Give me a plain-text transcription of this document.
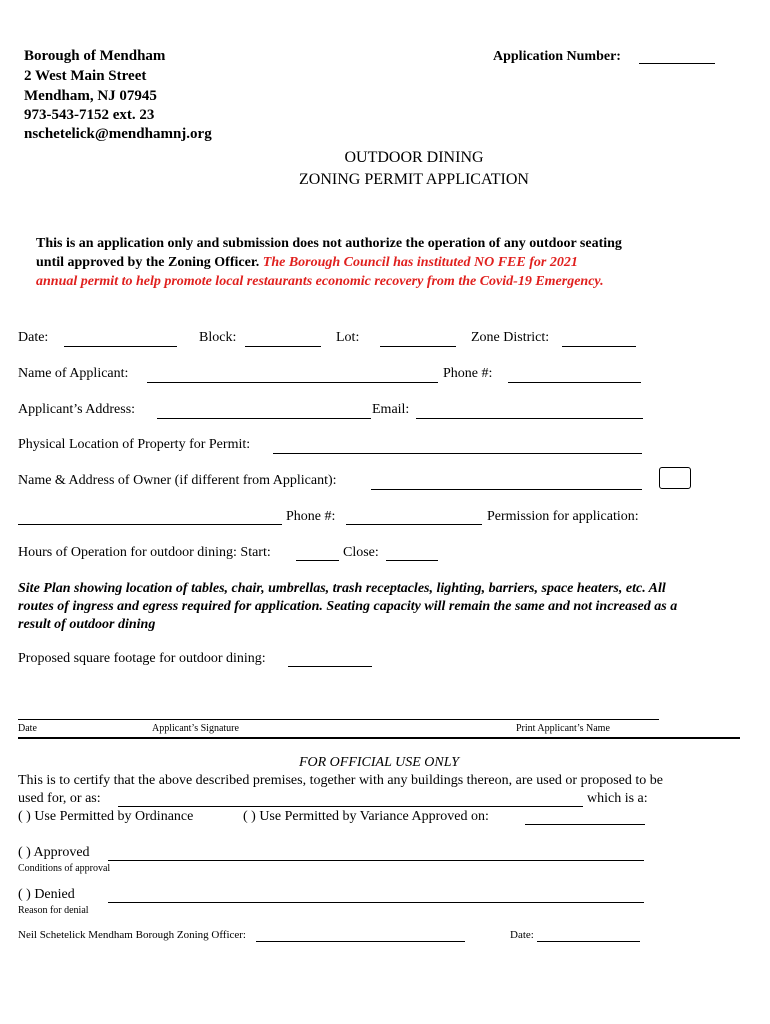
Borough of Mendham
2 West Main Street
Mendham, NJ 07945
973-543-7152 ext. 23
nschetelick@mendhamnj.org
Application Number:
OUTDOOR DINING
ZONING PERMIT APPLICATION
This is an application only and submission does not authorize the operation of any outdoor seating
until approved by the Zoning Officer. The Borough Council has instituted NO FEE for 2021
annual permit to help promote local restaurants economic recovery from the Covid-19 Emergency.
Date:	Block:	Lot:	Zone District:
Name of Applicant:	Phone #:
Applicant’s Address:	Email:
Physical Location of Property for Permit:
Name & Address of Owner (if different from Applicant):
Phone #:	Permission for application:
Hours of Operation for outdoor dining: Start:	Close:
Site Plan showing location of tables, chair, umbrellas, trash receptacles, lighting, barriers, space heaters, etc. All
routes of ingress and egress required for application. Seating capacity will remain the same and not increased as a
result of outdoor dining
Proposed square footage for outdoor dining:
Date	Applicant’s Signature	Print Applicant’s Name
FOR OFFICIAL USE ONLY
This is to certify that the above described premises, together with any buildings thereon, are used or proposed to be
used for, or as:	which is a:
( ) Use Permitted by Ordinance	( ) Use Permitted by Variance Approved on:
( ) Approved
Conditions of approval
( ) Denied
Reason for denial
Neil Schetelick Mendham Borough Zoning Officer:	Date:
